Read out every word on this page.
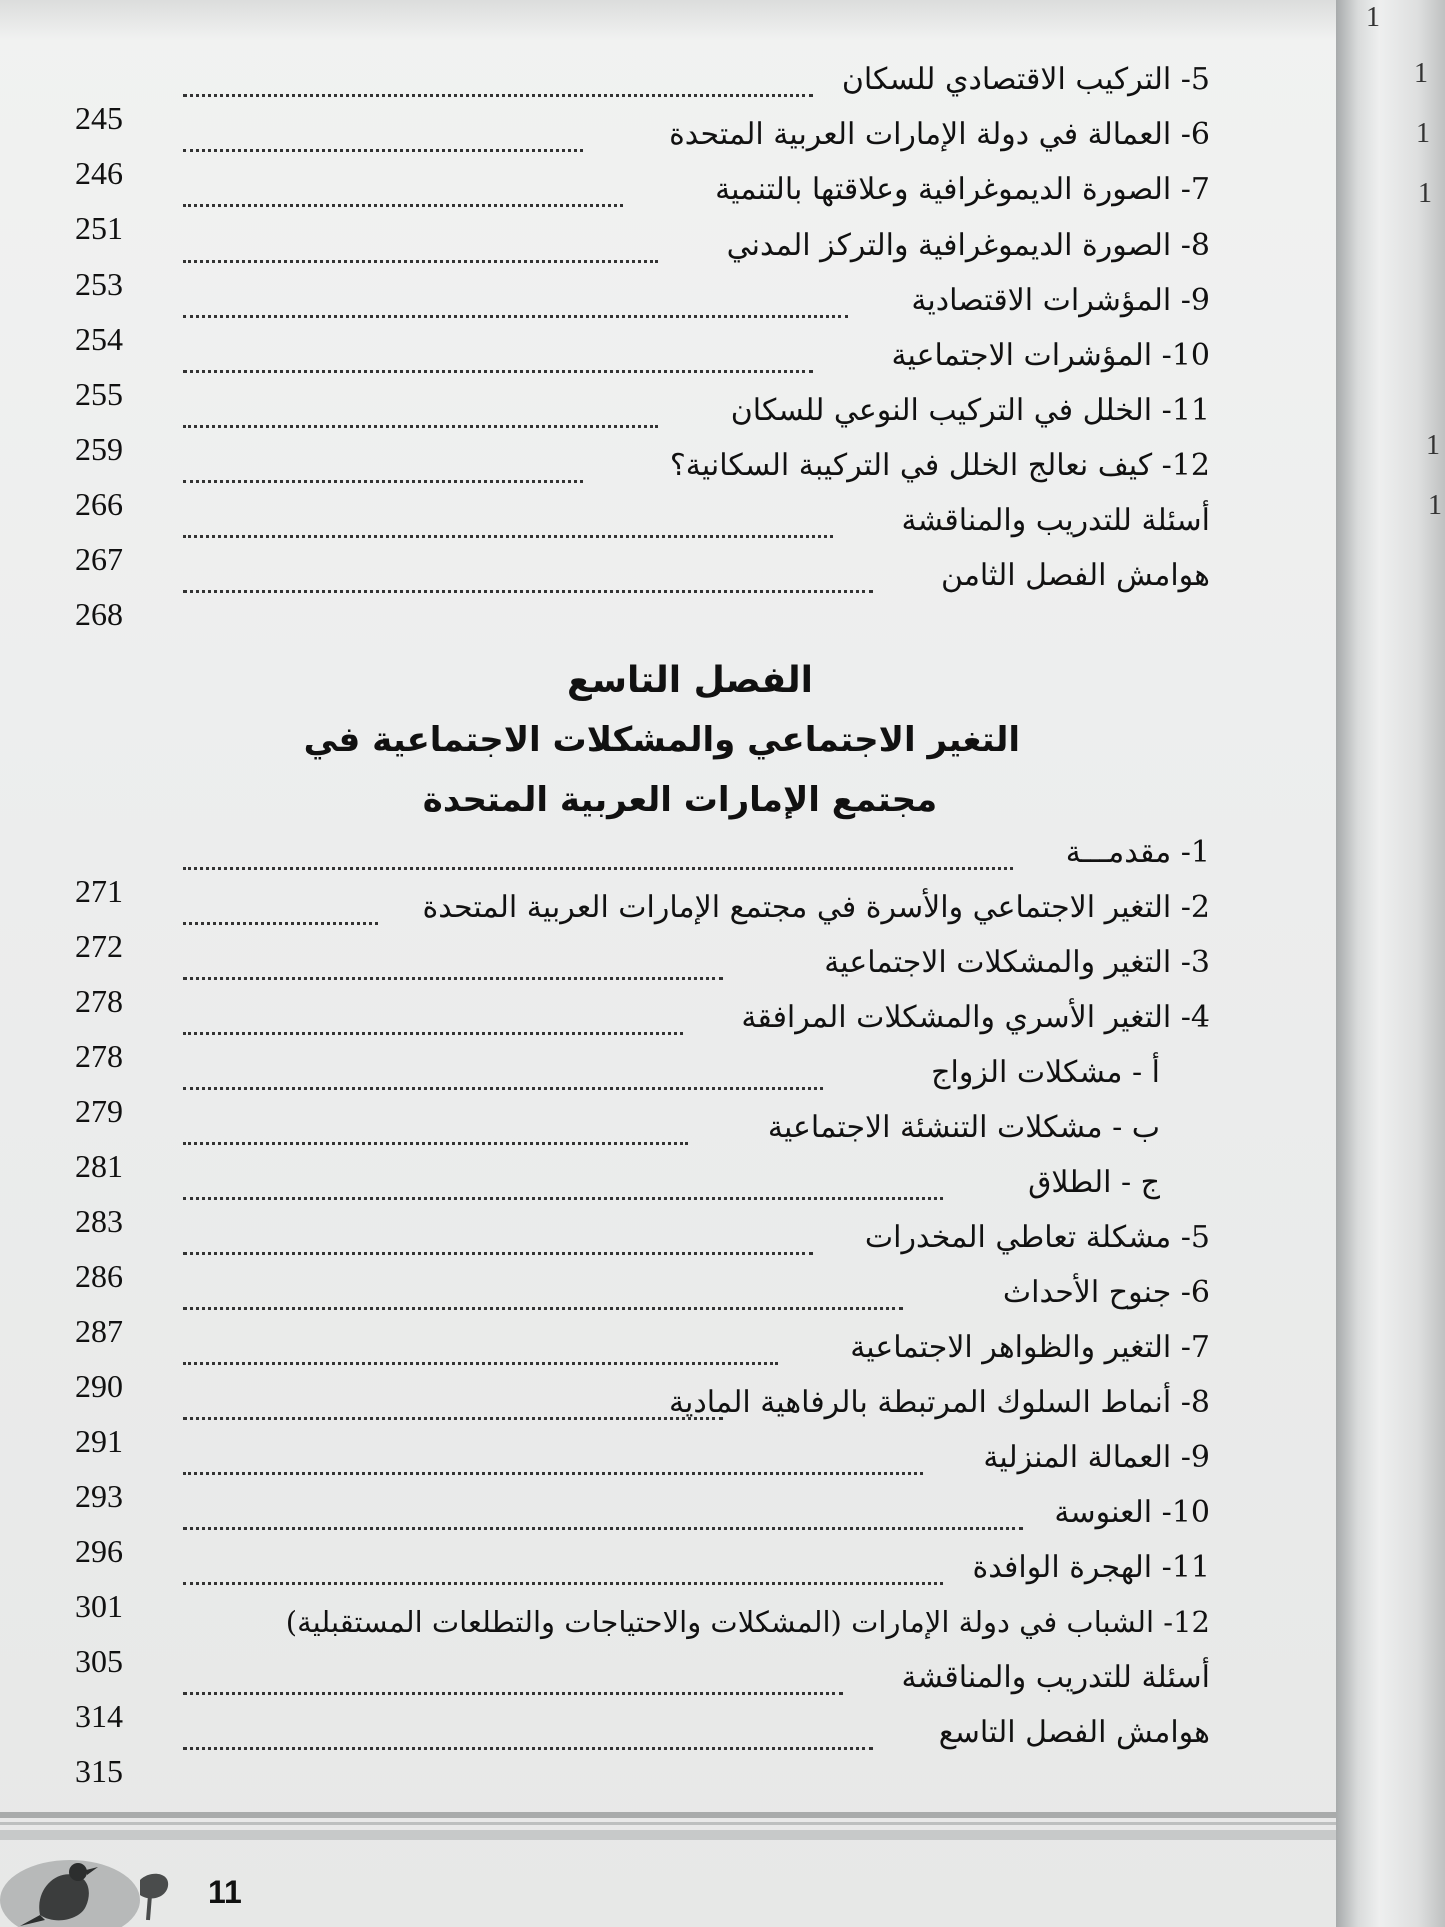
245
5- التركيب الاقتصادي للسكان
246
6- العمالة في دولة الإمارات العربية المتحدة
251
7- الصورة الديموغرافية وعلاقتها بالتنمية
253
8- الصورة الديموغرافية والتركز المدني
254
9- المؤشرات الاقتصادية
255
10- المؤشرات الاجتماعية
259
11- الخلل في التركيب النوعي للسكان
266
12- كيف نعالج الخلل في التركيبة السكانية؟
267
أسئلة للتدريب والمناقشة
268
هوامش الفصل الثامن
الفصل التاسع
التغير الاجتماعي والمشكلات الاجتماعية في
مجتمع الإمارات العربية المتحدة
271
1- مقدمـــة
272
2- التغير الاجتماعي والأسرة في مجتمع الإمارات العربية المتحدة
278
3- التغير والمشكلات الاجتماعية
278
4- التغير الأسري والمشكلات المرافقة
279
أ - مشكلات الزواج
281
ب - مشكلات التنشئة الاجتماعية
283
ج - الطلاق
286
5- مشكلة تعاطي المخدرات
287
6- جنوح الأحداث
290
7- التغير والظواهر الاجتماعية
291
8- أنماط السلوك المرتبطة بالرفاهية المادية
293
9- العمالة المنزلية
296
10- العنوسة
301
11- الهجرة الوافدة
305
12- الشباب في دولة الإمارات (المشكلات والاحتياجات والتطلعات المستقبلية)
314
أسئلة للتدريب والمناقشة
315
هوامش الفصل التاسع
11
1
1
1
1
1
1
